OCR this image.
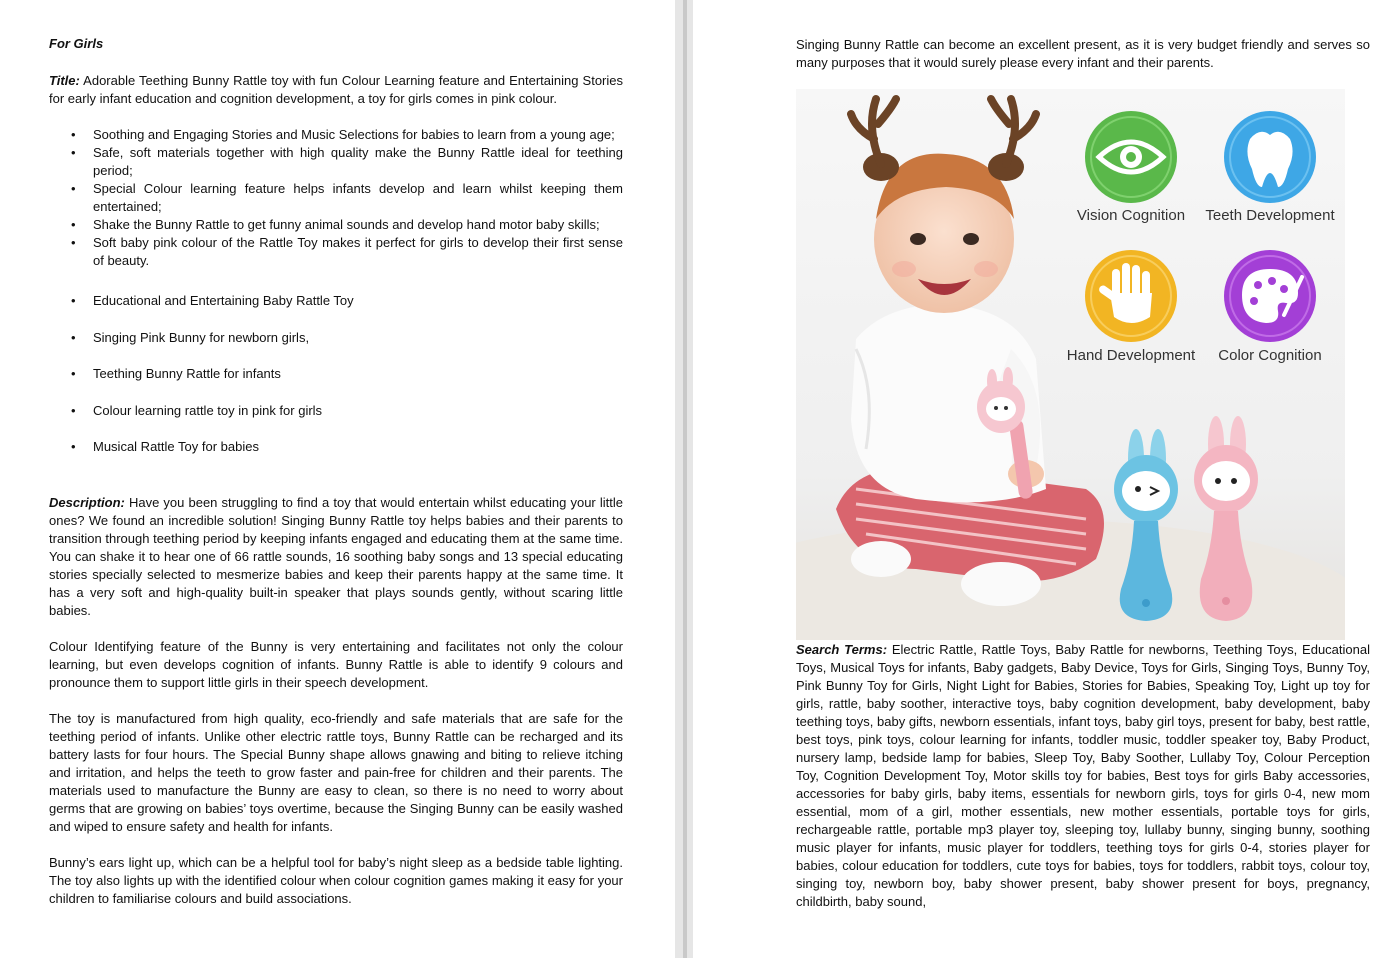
For Girls
Title: Adorable Teething Bunny Rattle toy with fun Colour Learning feature and Entertaining Stories for early infant education and cognition development, a toy for girls comes in pink colour.
• Soothing and Engaging Stories and Music Selections for babies to learn from a young age;
• Safe, soft materials together with high quality make the Bunny Rattle ideal for teething period;
• Special Colour learning feature helps infants develop and learn whilst keeping them entertained;
• Shake the Bunny Rattle to get funny animal sounds and develop hand motor baby skills;
• Soft baby pink colour of the Rattle Toy makes it perfect for girls to develop their first sense of beauty.
• Educational and Entertaining Baby Rattle Toy
• Singing Pink Bunny for newborn girls,
• Teething Bunny Rattle for infants
• Colour learning rattle toy in pink for girls
• Musical Rattle Toy for babies
Description: Have you been struggling to find a toy that would entertain whilst educating your little ones? We found an incredible solution! Singing Bunny Rattle toy helps babies and their parents to transition through teething period by keeping infants engaged and educating them at the same time. You can shake it to hear one of 66 rattle sounds, 16 soothing baby songs and 13 special educating stories specially selected to mesmerize babies and keep their parents happy at the same time. It has a very soft and high-quality built-in speaker that plays sounds gently, without scaring little babies.
Colour Identifying feature of the Bunny is very entertaining and facilitates not only the colour learning, but even develops cognition of infants. Bunny Rattle is able to identify 9 colours and pronounce them to support little girls in their speech development.
The toy is manufactured from high quality, eco-friendly and safe materials that are safe for the teething period of infants. Unlike other electric rattle toys, Bunny Rattle can be recharged and its battery lasts for four hours. The Special Bunny shape allows gnawing and biting to relieve itching and irritation, and helps the teeth to grow faster and pain-free for children and their parents. The materials used to manufacture the Bunny are easy to clean, so there is no need to worry about germs that are growing on babies’ toys overtime, because the Singing Bunny can be easily washed and wiped to ensure safety and health for infants.
Bunny’s ears light up, which can be a helpful tool for baby’s night sleep as a bedside table lighting. The toy also lights up with the identified colour when colour cognition games making it easy for your children to familiarise colours and build associations.
Singing Bunny Rattle can become an excellent present, as it is very budget friendly and serves so many purposes that it would surely please every infant and their parents.
Vision Cognition Teeth Development
Hand Development Color Cognition
Search Terms: Electric Rattle, Rattle Toys, Baby Rattle for newborns, Teething Toys, Educational Toys, Musical Toys for infants, Baby gadgets, Baby Device, Toys for Girls, Singing Toys, Bunny Toy, Pink Bunny Toy for Girls, Night Light for Babies, Stories for Babies, Speaking Toy, Light up toy for girls, rattle, baby soother, interactive toys, baby cognition development, baby development, baby teething toys, baby gifts, newborn essentials, infant toys, baby girl toys, present for baby, best rattle, best toys, pink toys, colour learning for infants, toddler music, toddler speaker toy, Baby Product, nursery lamp, bedside lamp for babies, Sleep Toy, Baby Soother, Lullaby Toy, Colour Perception Toy, Cognition Development Toy, Motor skills toy for babies, Best toys for girls Baby accessories, accessories for baby girls, baby items, essentials for newborn girls, toys for girls 0-4, new mom essential, mom of a girl, mother essentials, new mother essentials, portable toys for girls, rechargeable rattle, portable mp3 player toy, sleeping toy, lullaby bunny, singing bunny, soothing music player for infants, music player for toddlers, teething toys for girls 0-4, stories player for babies, colour education for toddlers, cute toys for babies, toys for toddlers, rabbit toys, colour toy, singing toy, newborn boy, baby shower present, baby shower present for boys, pregnancy, childbirth, baby sound,
